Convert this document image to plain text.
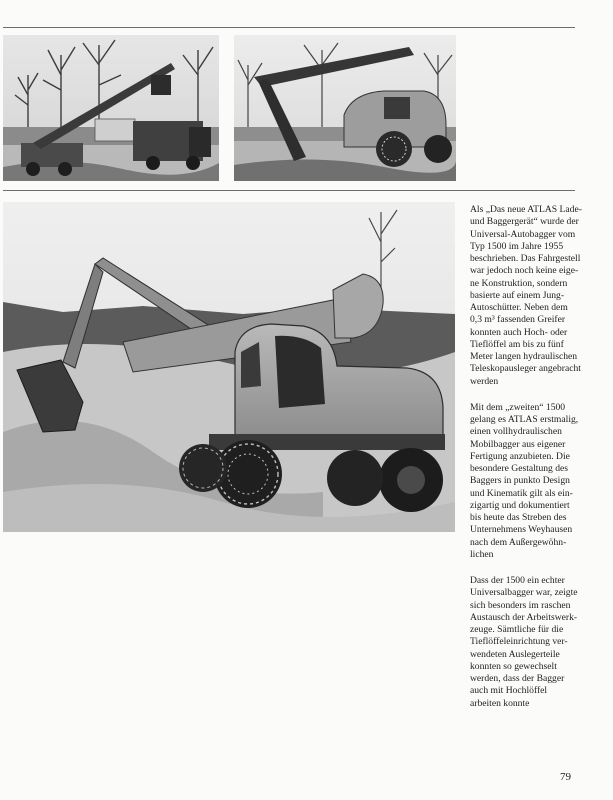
Als „Das neue ATLAS Lade-
und Baggergerät“ wurde der
Universal-Autobagger vom
Typ 1500 im Jahre 1955
beschrieben. Das Fahrgestell
war jedoch noch keine eige-
ne Konstruktion, sondern
basierte auf einem Jung-
Autoschütter. Neben dem
0,3 m³ fassenden Greifer
konnten auch Hoch- oder
Tieflöffel am bis zu fünf
Meter langen hydraulischen
Teleskopausleger angebracht
werden

Mit dem „zweiten“ 1500
gelang es ATLAS erstmalig,
einen vollhydraulischen
Mobilbagger aus eigener
Fertigung anzubieten. Die
besondere Gestaltung des
Baggers in punkto Design
und Kinematik gilt als ein-
zigartig und dokumentiert
bis heute das Streben des
Unternehmens Weyhausen
nach dem Außergewöhn-
lichen

Dass der 1500 ein echter
Universalbagger war, zeigte
sich besonders im raschen
Austausch der Arbeitswerk-
zeuge. Sämtliche für die
Tieflöffeleinrichtung ver-
wendeten Auslegerteile
konnten so gewechselt
werden, dass der Bagger
auch mit Hochlöffel
arbeiten konnte

79
